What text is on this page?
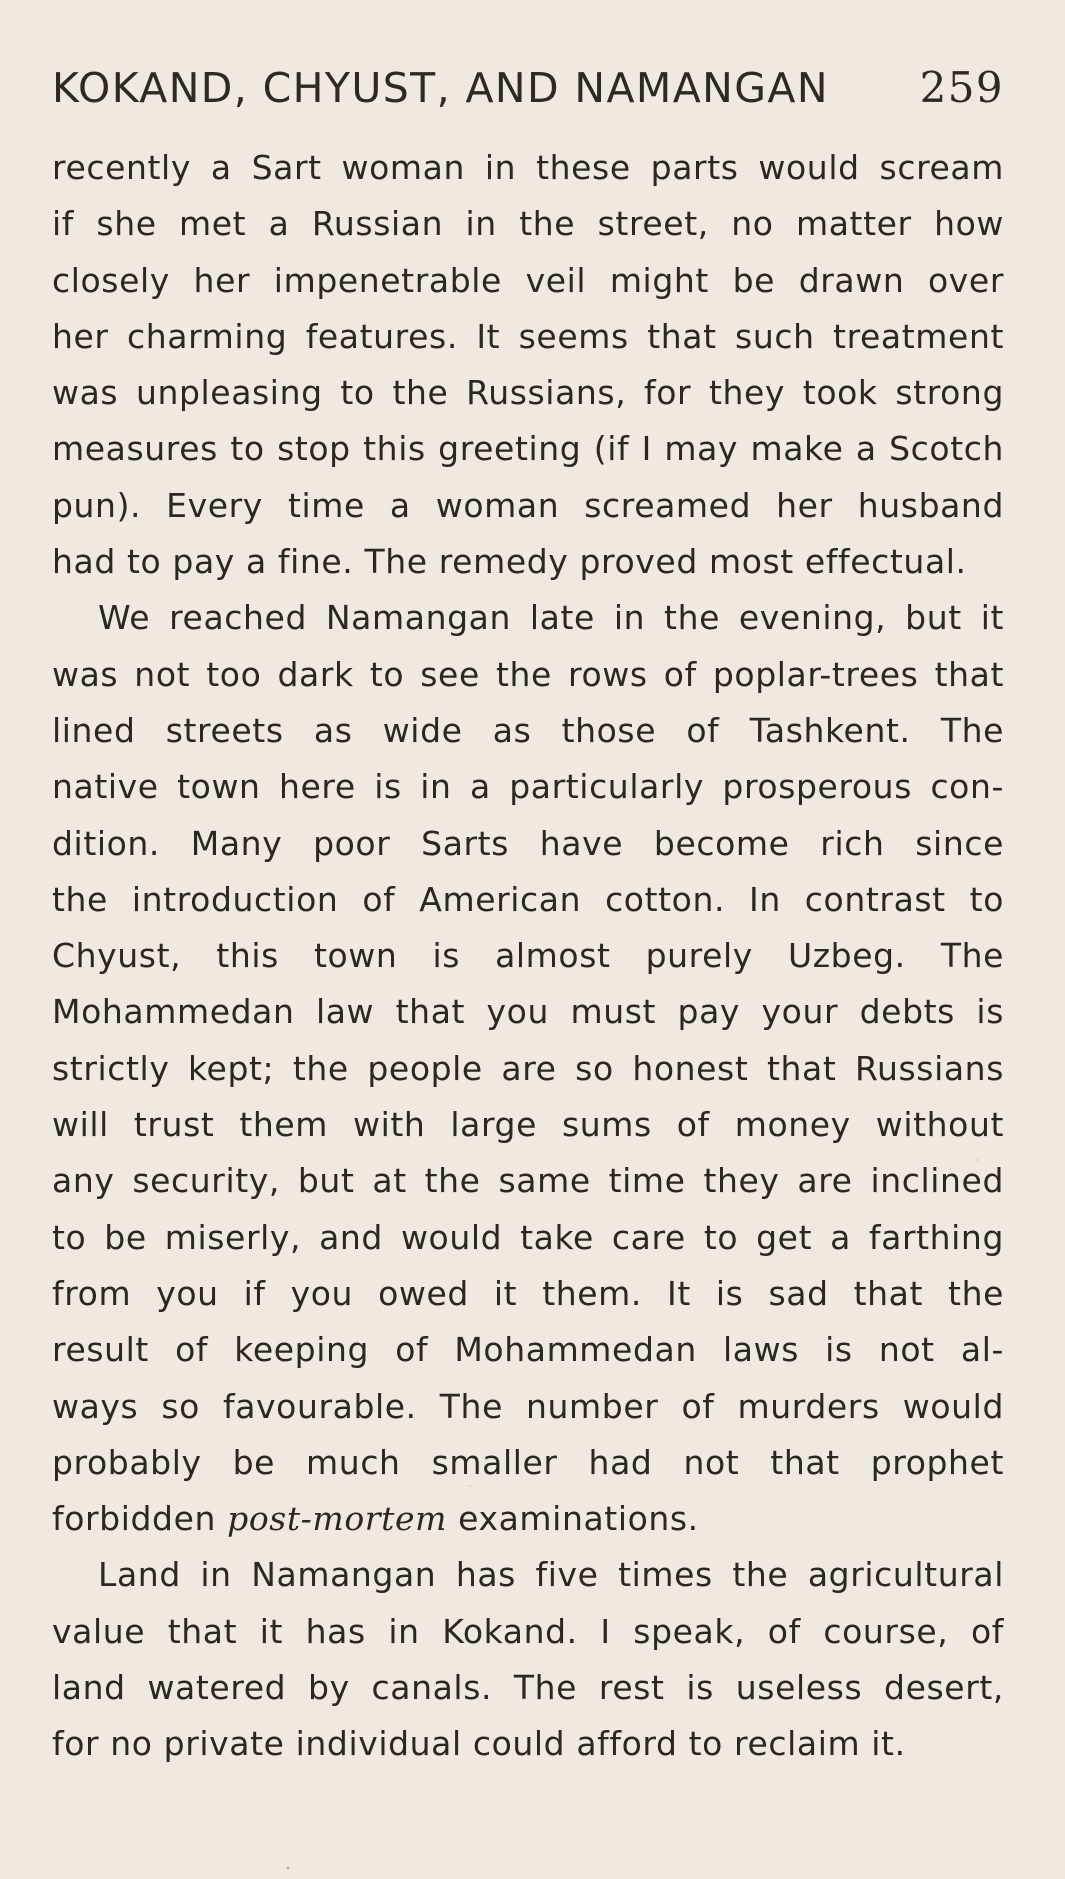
KOKAND, CHYUST, AND NAMANGAN 259
recently a Sart woman in these parts would scream
if she met a Russian in the street, no matter how
closely her impenetrable veil might be drawn over
her charming features. It seems that such treatment
was unpleasing to the Russians, for they took strong
measures to stop this greeting (if I may make a Scotch
pun). Every time a woman screamed her husband
had to pay a fine. The remedy proved most effectual.
We reached Namangan late in the evening, but it
was not too dark to see the rows of poplar-trees that
lined streets as wide as those of Tashkent. The
native town here is in a particularly prosperous con-
dition. Many poor Sarts have become rich since
the introduction of American cotton. In contrast to
Chyust, this town is almost purely Uzbeg. The
Mohammedan law that you must pay your debts is
strictly kept; the people are so honest that Russians
will trust them with large sums of money without
any security, but at the same time they are inclined
to be miserly, and would take care to get a farthing
from you if you owed it them. It is sad that the
result of keeping of Mohammedan laws is not al-
ways so favourable. The number of murders would
probably be much smaller had not that prophet
forbidden post-mortem examinations.
Land in Namangan has five times the agricultural
value that it has in Kokand. I speak, of course, of
land watered by canals. The rest is useless desert,
for no private individual could afford to reclaim it.
